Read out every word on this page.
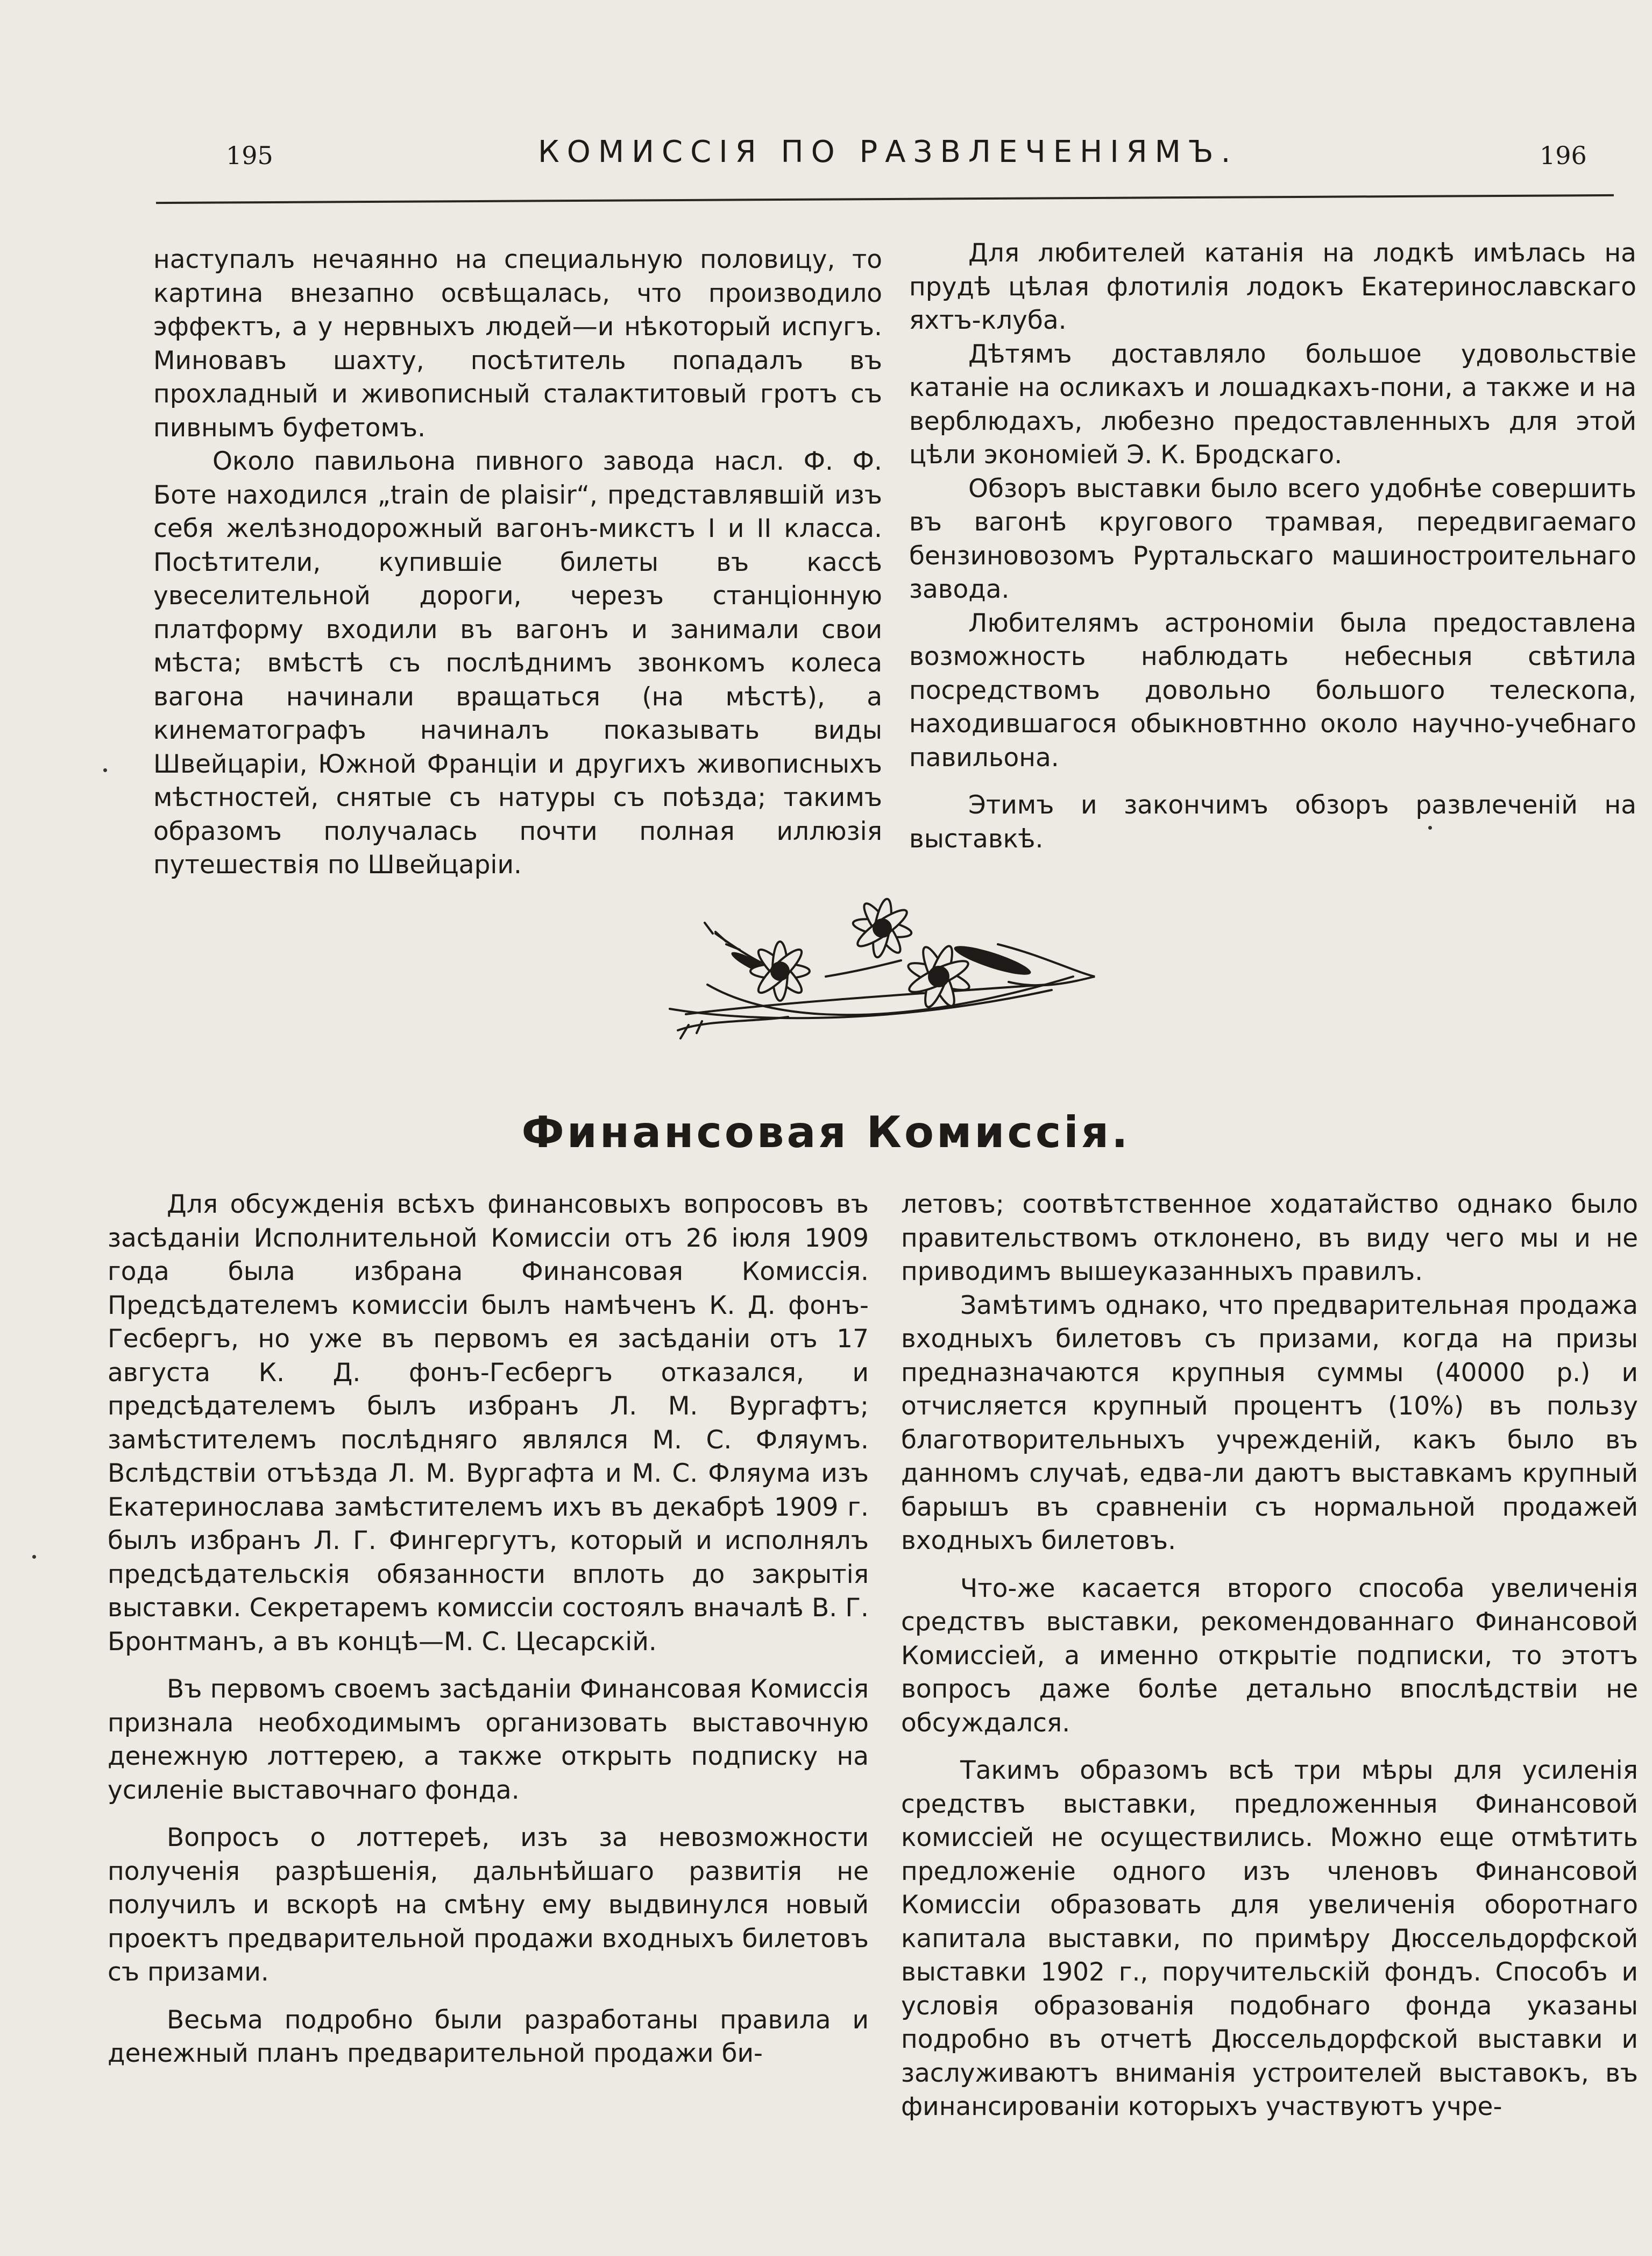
195	КОМИССІЯ ПО РАЗВЛЕЧЕНІЯМЪ.	196

наступалъ нечаянно на специальную половицу, то картина внезапно освѣщалась, что производило эффектъ, а у нервныхъ людей—и нѣкоторый испугъ. Миновавъ шахту, посѣтитель попадалъ въ прохладный и живописный сталактитовый гротъ съ пивнымъ буфетомъ.

Около павильона пивного завода насл. Ф. Ф. Боте находился „train de plaisir“, представлявшій изъ себя желѣзнодорожный вагонъ-микстъ I и II класса. Посѣтители, купившіе билеты въ кассѣ увеселительной дороги, черезъ станціонную платформу входили въ вагонъ и занимали свои мѣста; вмѣстѣ съ послѣднимъ звонкомъ колеса вагона начинали вращаться (на мѣстѣ), а кинематографъ начиналъ показывать виды Швейцаріи, Южной Франціи и другихъ живописныхъ мѣстностей, снятые съ натуры съ поѣзда; такимъ образомъ получалась почти полная иллюзія путешествія по Швейцаріи.

Для любителей катанія на лодкѣ имѣлась на прудѣ цѣлая флотилія лодокъ Екатеринославскаго яхтъ-клуба.

Дѣтямъ доставляло большое удовольствіе катаніе на осликахъ и лошадкахъ-пони, а также и на верблюдахъ, любезно предоставленныхъ для этой цѣли экономіей Э. К. Бродскаго.

Обзоръ выставки было всего удобнѣе совершить въ вагонѣ кругового трамвая, передвигаемаго бензиновозомъ Руртальскаго машиностроительнаго завода.

Любителямъ астрономіи была предоставлена возможность наблюдать небесныя свѣтила посредствомъ довольно большого телескопа, находившагося обыкновтнно около научно-учебнаго павильона.

Этимъ и закончимъ обзоръ развлеченій на выставкѣ.

Финансовая Комиссія.

Для обсужденія всѣхъ финансовыхъ вопросовъ въ засѣданіи Исполнительной Комиссіи отъ 26 іюля 1909 года была избрана Финансовая Комиссія. Предсѣдателемъ комиссіи былъ намѣченъ К. Д. фонъ-Гесбергъ, но уже въ первомъ ея засѣданіи отъ 17 августа К. Д. фонъ-Гесбергъ отказался, и предсѣдателемъ былъ избранъ Л. М. Вургафтъ; замѣстителемъ послѣдняго являлся М. С. Фляумъ. Вслѣдствіи отъѣзда Л. М. Вургафта и М. С. Фляума изъ Екатеринослава замѣстителемъ ихъ въ декабрѣ 1909 г. былъ избранъ Л. Г. Фингергутъ, который и исполнялъ предсѣдательскія обязанности вплоть до закрытія выставки. Секретаремъ комиссіи состоялъ вначалѣ В. Г. Бронтманъ, а въ концѣ—М. С. Цесарскій.

Въ первомъ своемъ засѣданіи Финансовая Комиссія признала необходимымъ организовать выставочную денежную лоттерею, а также открыть подписку на усиленіе выставочнаго фонда.

Вопросъ о лоттереѣ, изъ за невозможности полученія разрѣшенія, дальнѣйшаго развитія не получилъ и вскорѣ на смѣну ему выдвинулся новый проектъ предварительной продажи входныхъ билетовъ съ призами.

Весьма подробно были разработаны правила и денежный планъ предварительной продажи би-

летовъ; соотвѣтственное ходатайство однако было правительствомъ отклонено, въ виду чего мы и не приводимъ вышеуказанныхъ правилъ.

Замѣтимъ однако, что предварительная продажа входныхъ билетовъ съ призами, когда на призы предназначаются крупныя суммы (40000 р.) и отчисляется крупный процентъ (10%) въ пользу благотворительныхъ учрежденій, какъ было въ данномъ случаѣ, едва-ли даютъ выставкамъ крупный барышъ въ сравненіи съ нормальной продажей входныхъ билетовъ.

Что-же касается второго способа увеличенія средствъ выставки, рекомендованнаго Финансовой Комиссіей, а именно открытіе подписки, то этотъ вопросъ даже болѣе детально впослѣдствіи не обсуждался.

Такимъ образомъ всѣ три мѣры для усиленія средствъ выставки, предложенныя Финансовой комиссіей не осуществились. Можно еще отмѣтить предложеніе одного изъ членовъ Финансовой Комиссіи образовать для увеличенія оборотнаго капитала выставки, по примѣру Дюссельдорфской выставки 1902 г., поручительскій фондъ. Способъ и условія образованія подобнаго фонда указаны подробно въ отчетѣ Дюссельдорфской выставки и заслуживаютъ вниманія устроителей выставокъ, въ финансированіи которыхъ участвуютъ учре-
